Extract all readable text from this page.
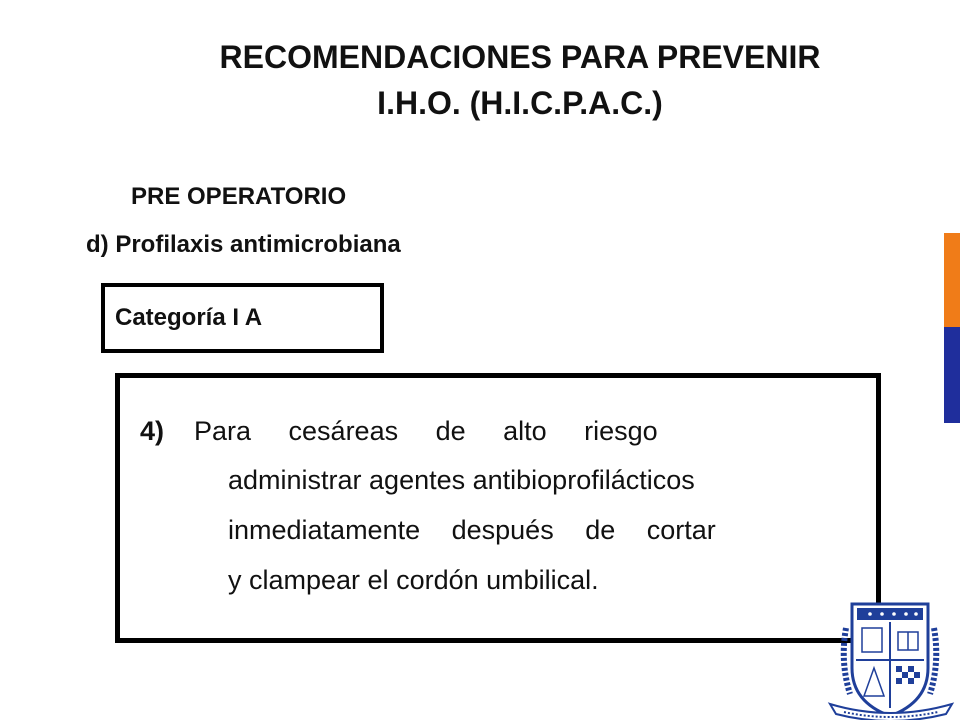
RECOMENDACIONES PARA PREVENIR
I.H.O. (H.I.C.P.A.C.)
PRE OPERATORIO
d) Profilaxis antimicrobiana
Categoría I A
4) Para cesáreas de alto riesgo
administrar agentes antibioprofilácticos
inmediatamente después de cortar
y clampear el cordón umbilical.
